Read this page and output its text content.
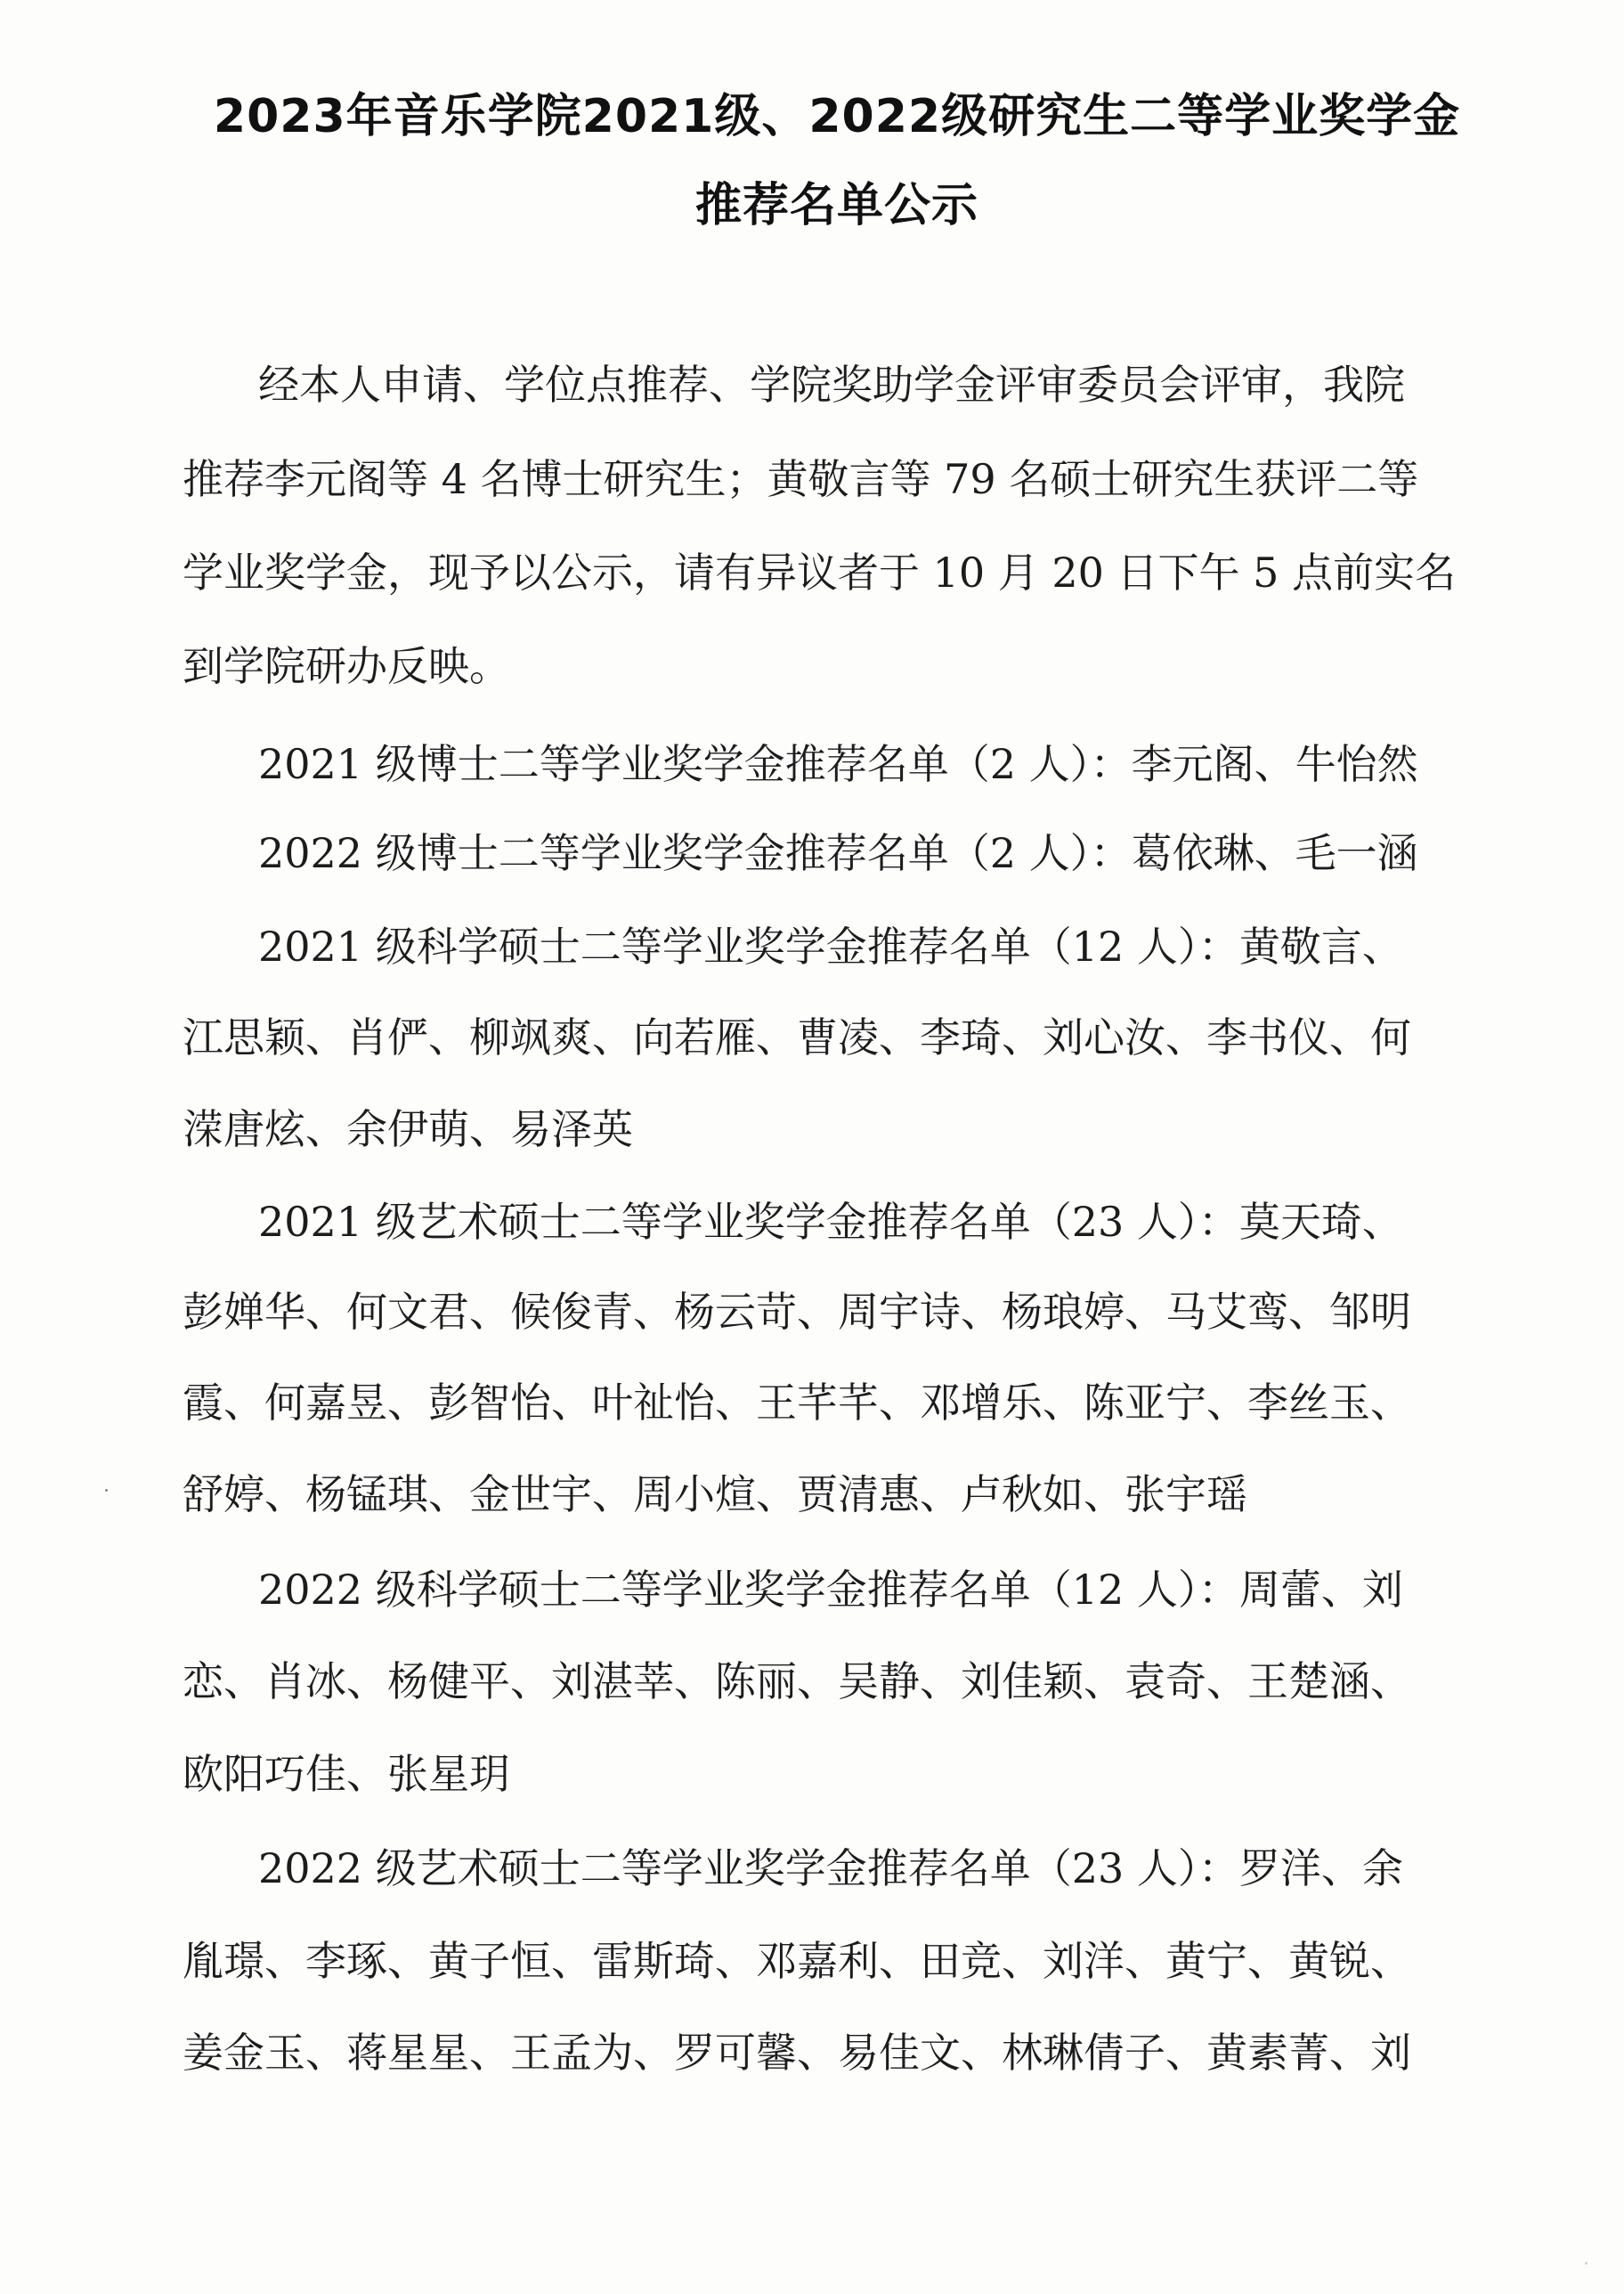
2023年音乐学院2021级、2022级研究生二等学业奖学金
推荐名单公示
经本人申请、学位点推荐、学院奖助学金评审委员会评审，我院
推荐李元阁等 4 名博士研究生；黄敬言等 79 名硕士研究生获评二等
学业奖学金，现予以公示，请有异议者于 10 月 20 日下午 5 点前实名
到学院研办反映。
2021 级博士二等学业奖学金推荐名单（2 人）：李元阁、牛怡然
2022 级博士二等学业奖学金推荐名单（2 人）：葛依琳、毛一涵
2021 级科学硕士二等学业奖学金推荐名单（12 人）：黄敬言、
江思颖、肖俨、柳飒爽、向若雁、曹凌、李琦、刘心汝、李书仪、何
溁唐炫、余伊萌、易泽英
2021 级艺术硕士二等学业奖学金推荐名单（23 人）：莫天琦、
彭婵华、何文君、候俊青、杨云苛、周宇诗、杨琅婷、马艾鸾、邹明
霞、何嘉昱、彭智怡、叶祉怡、王芊芊、邓增乐、陈亚宁、李丝玉、
舒婷、杨锰琪、金世宇、周小煊、贾清惠、卢秋如、张宇瑶
2022 级科学硕士二等学业奖学金推荐名单（12 人）：周蕾、刘
恋、肖冰、杨健平、刘湛莘、陈丽、吴静、刘佳颖、袁奇、王楚涵、
欧阳巧佳、张星玥
2022 级艺术硕士二等学业奖学金推荐名单（23 人）：罗洋、余
胤璟、李琢、黄子恒、雷斯琦、邓嘉利、田竞、刘洋、黄宁、黄锐、
姜金玉、蒋星星、王孟为、罗可馨、易佳文、林琳倩子、黄素菁、刘
